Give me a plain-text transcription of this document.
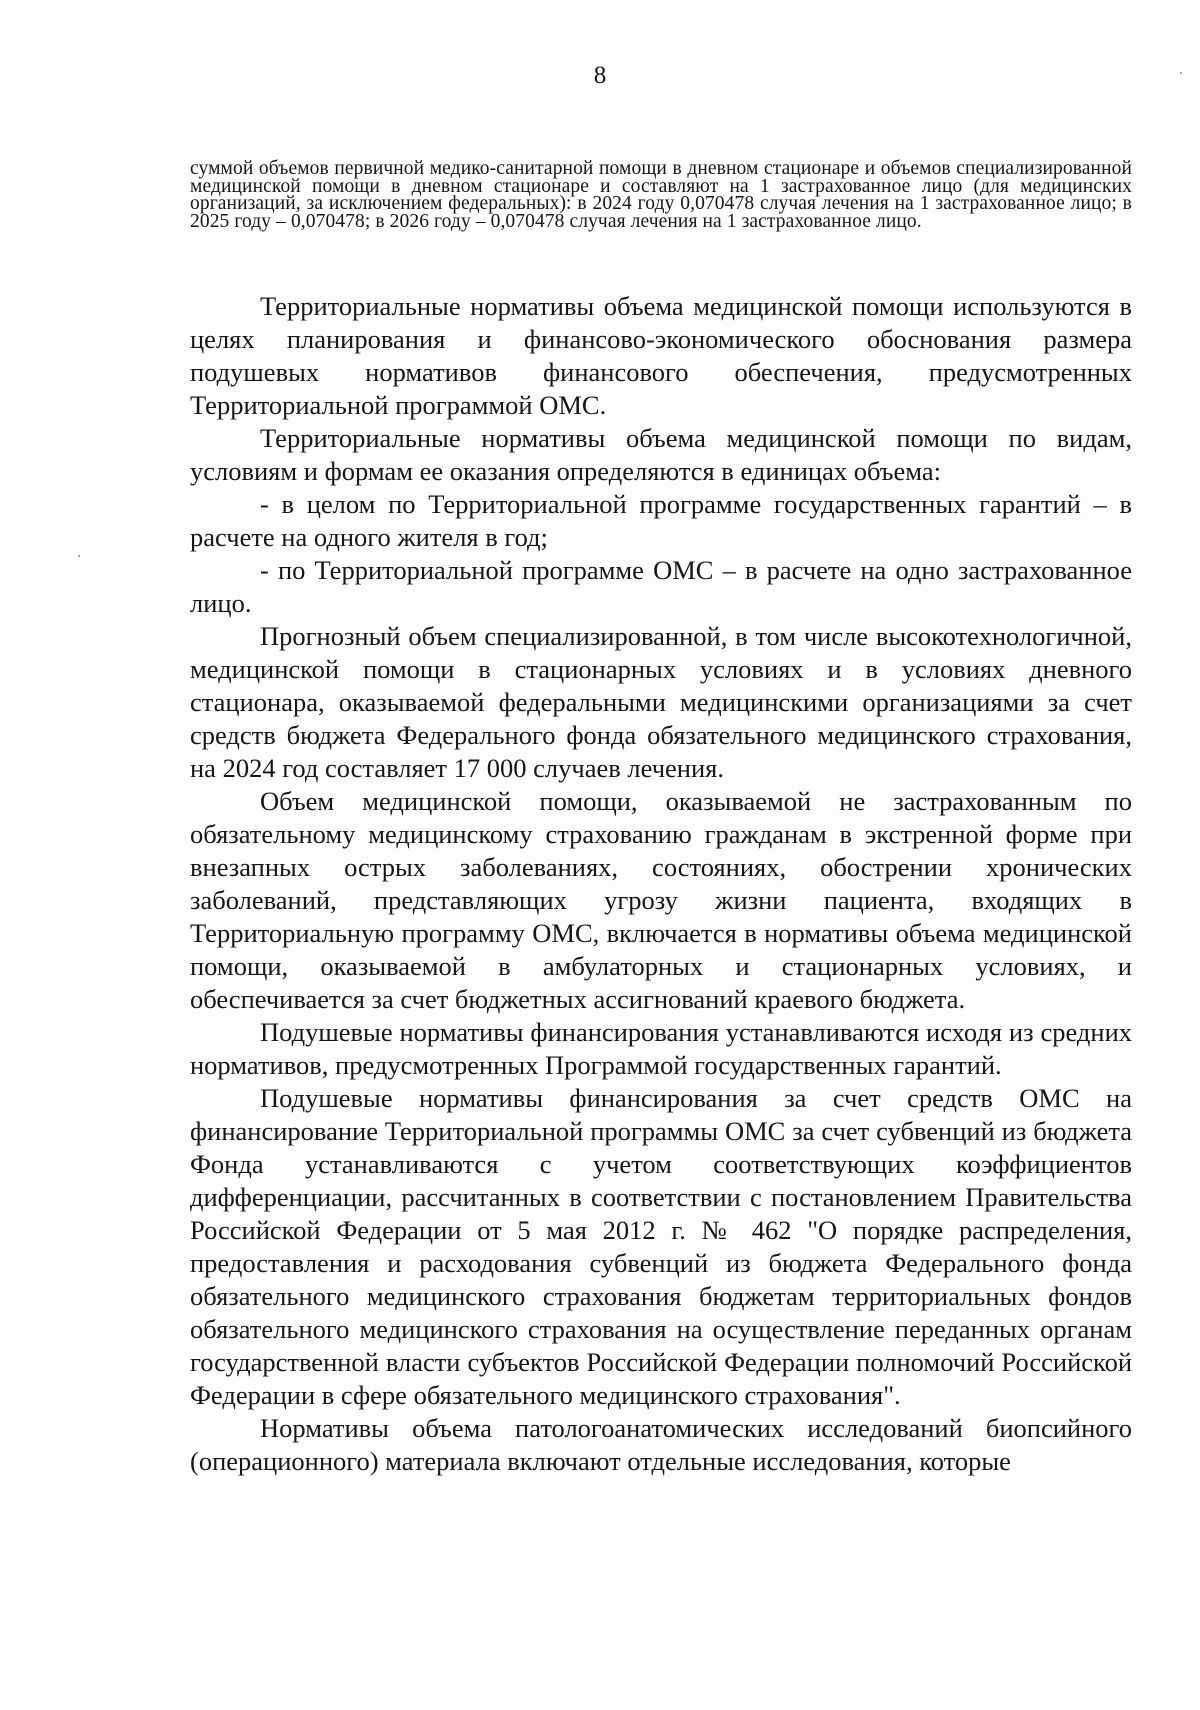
8
суммой объемов первичной медико-санитарной помощи в дневном стационаре и объемов специализированной медицинской помощи в дневном стационаре и составляют на 1 застрахованное лицо (для медицинских организаций, за исключением федеральных): в 2024 году 0,070478 случая лечения на 1 застрахованное лицо; в 2025 году – 0,070478; в 2026 году – 0,070478 случая лечения на 1 застрахованное лицо.

Территориальные нормативы объема медицинской помощи используются в целях планирования и финансово-экономического обоснования размера подушевых нормативов финансового обеспечения, предусмотренных Территориальной программой ОМС.

Территориальные нормативы объема медицинской помощи по видам, условиям и формам ее оказания определяются в единицах объема:

- в целом по Территориальной программе государственных гарантий – в расчете на одного жителя в год;

- по Территориальной программе ОМС – в расчете на одно застрахованное лицо.

Прогнозный объем специализированной, в том числе высокотехнологичной, медицинской помощи в стационарных условиях и в условиях дневного стационара, оказываемой федеральными медицинскими организациями за счет средств бюджета Федерального фонда обязательного медицинского страхования, на 2024 год составляет 17 000 случаев лечения.

Объем медицинской помощи, оказываемой не застрахованным по обязательному медицинскому страхованию гражданам в экстренной форме при внезапных острых заболеваниях, состояниях, обострении хронических заболеваний, представляющих угрозу жизни пациента, входящих в Территориальную программу ОМС, включается в нормативы объема медицинской помощи, оказываемой в амбулаторных и стационарных условиях, и обеспечивается за счет бюджетных ассигнований краевого бюджета.

Подушевые нормативы финансирования устанавливаются исходя из средних нормативов, предусмотренных Программой государственных гарантий.

Подушевые нормативы финансирования за счет средств ОМС на финансирование Территориальной программы ОМС за счет субвенций из бюджета Фонда устанавливаются с учетом соответствующих коэффициентов дифференциации, рассчитанных в соответствии с постановлением Правительства Российской Федерации от 5 мая 2012 г. № 462 "О порядке распределения, предоставления и расходования субвенций из бюджета Федерального фонда обязательного медицинского страхования бюджетам территориальных фондов обязательного медицинского страхования на осуществление переданных органам государственной власти субъектов Российской Федерации полномочий Российской Федерации в сфере обязательного медицинского страхования".

Нормативы объема патологоанатомических исследований биопсийного (операционного) материала включают отдельные исследования, которые
